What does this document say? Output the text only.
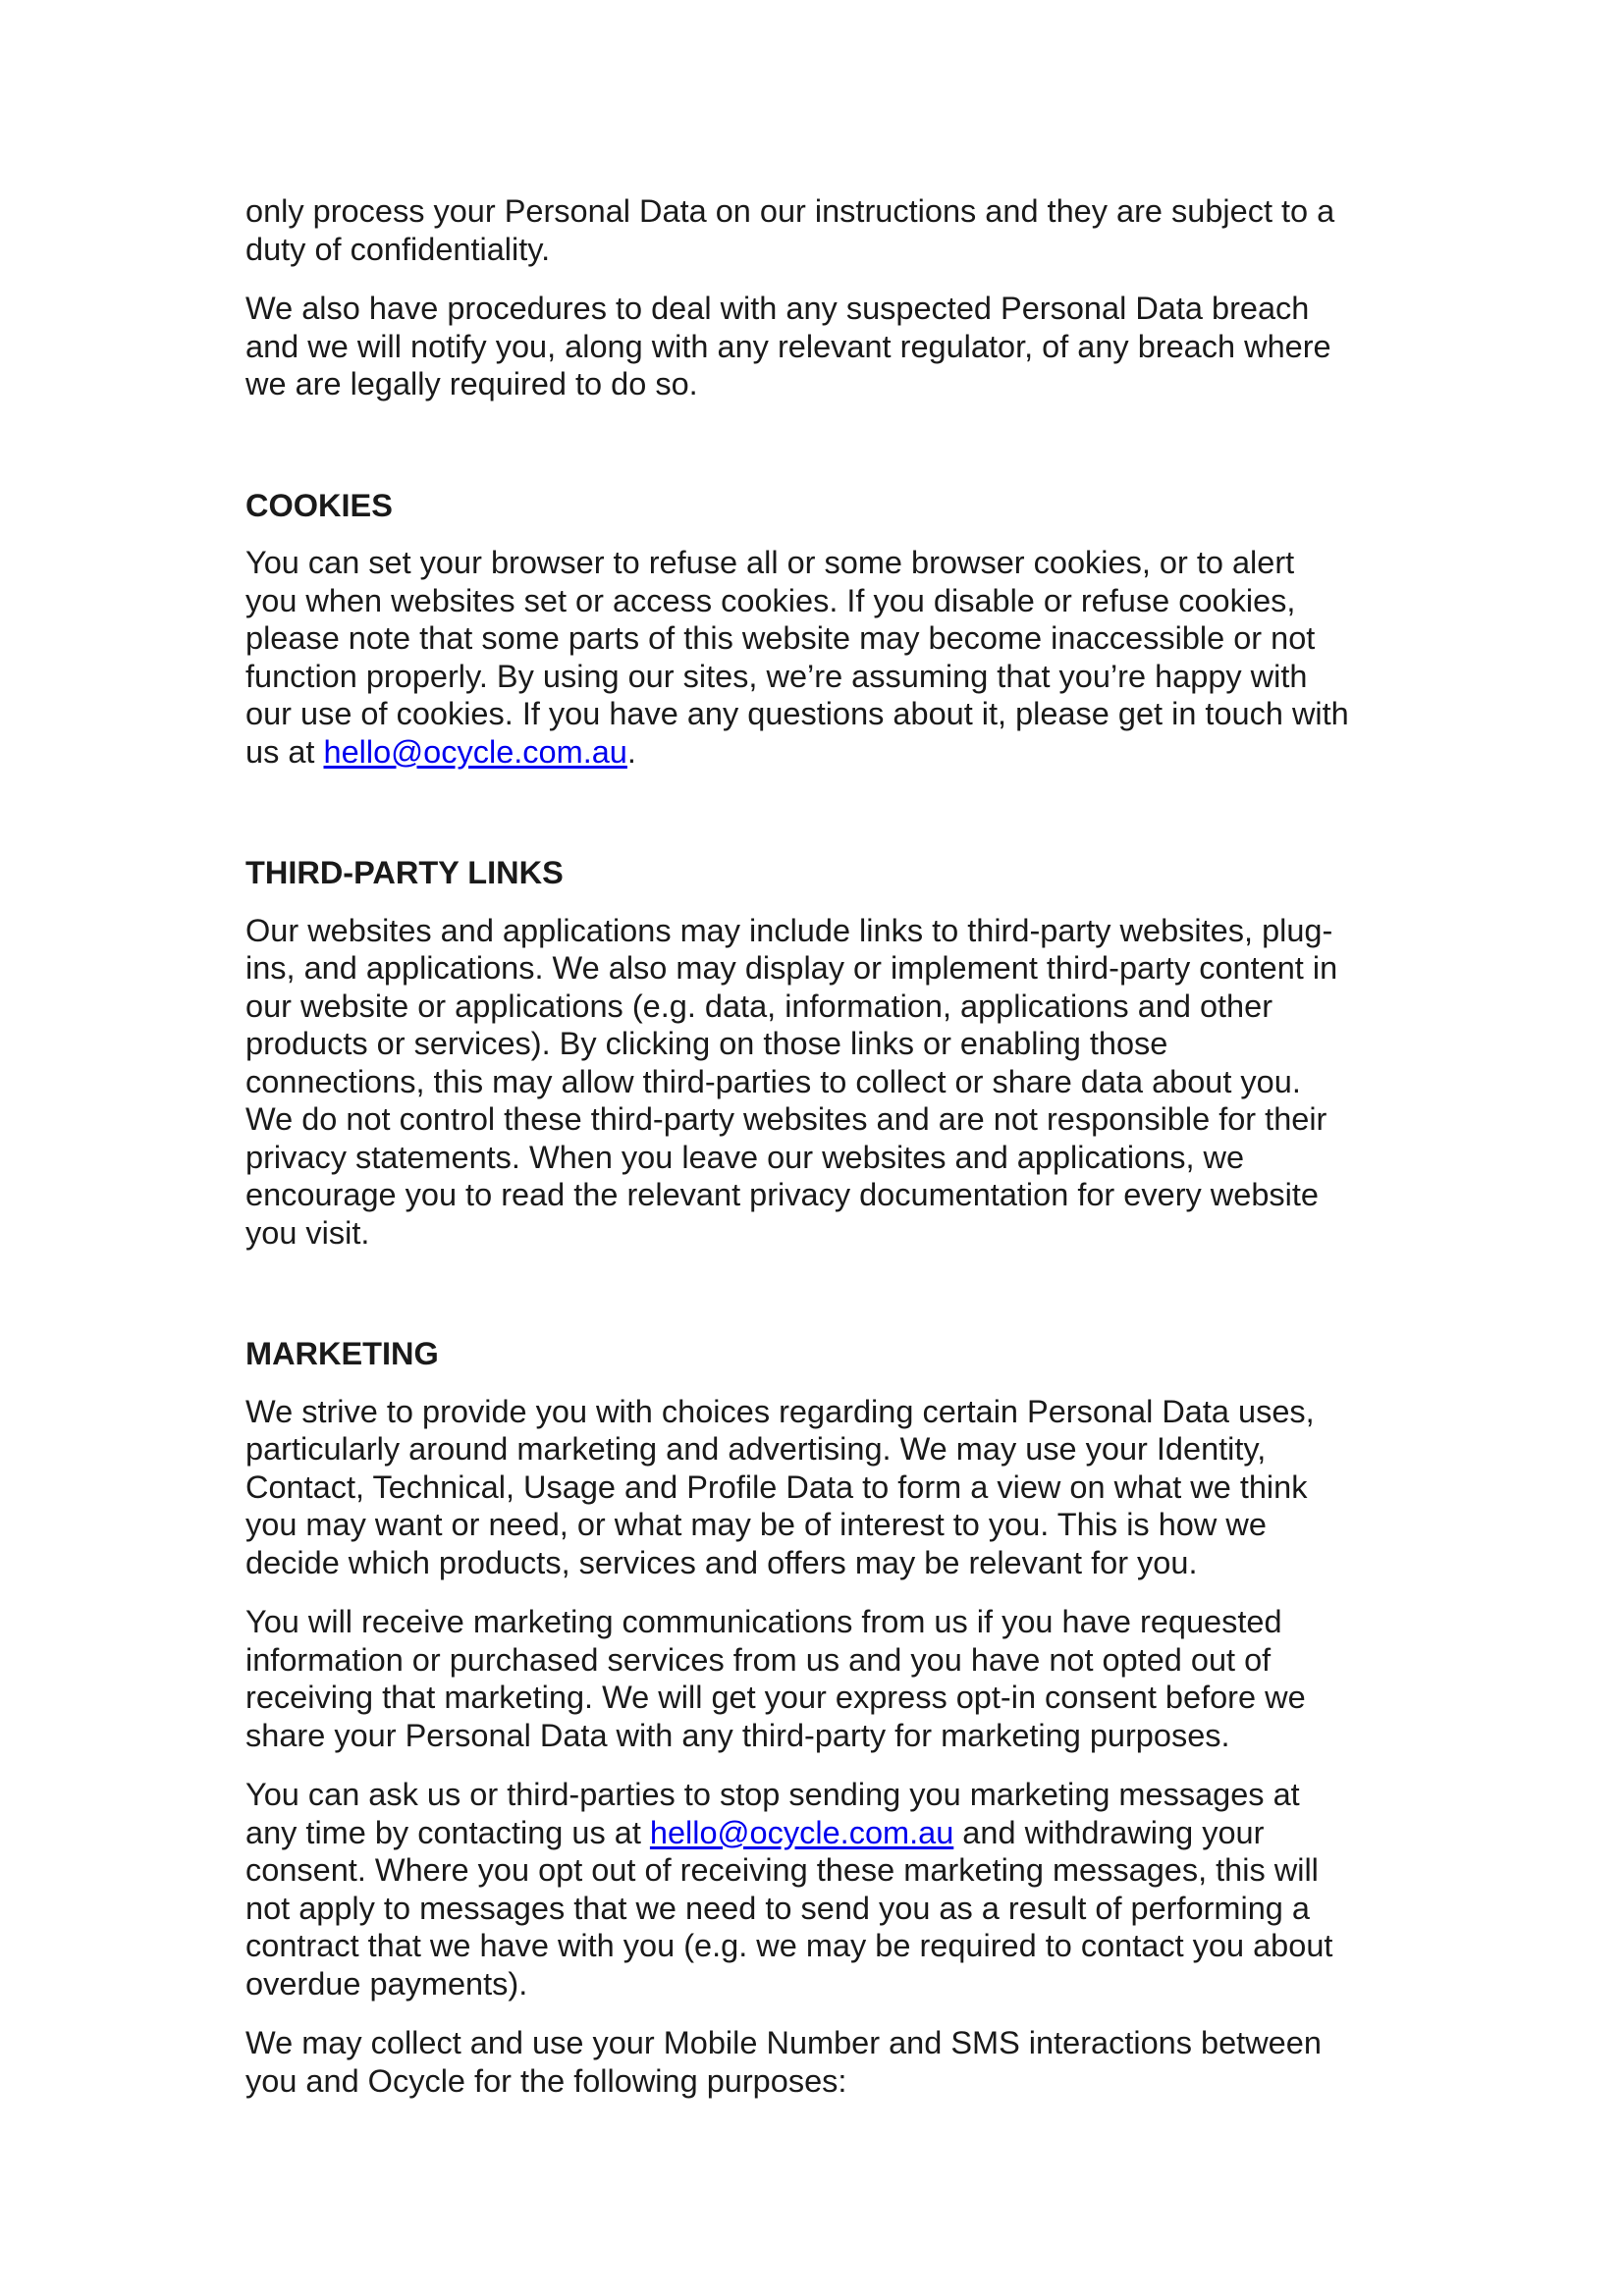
only process your Personal Data on our instructions and they are subject to a
duty of confidentiality.

We also have procedures to deal with any suspected Personal Data breach
and we will notify you, along with any relevant regulator, of any breach where
we are legally required to do so.

COOKIES

You can set your browser to refuse all or some browser cookies, or to alert
you when websites set or access cookies. If you disable or refuse cookies,
please note that some parts of this website may become inaccessible or not
function properly. By using our sites, we’re assuming that you’re happy with
our use of cookies. If you have any questions about it, please get in touch with
us at hello@ocycle.com.au.

THIRD-PARTY LINKS

Our websites and applications may include links to third-party websites, plug-
ins, and applications. We also may display or implement third-party content in
our website or applications (e.g. data, information, applications and other
products or services). By clicking on those links or enabling those
connections, this may allow third-parties to collect or share data about you.
We do not control these third-party websites and are not responsible for their
privacy statements. When you leave our websites and applications, we
encourage you to read the relevant privacy documentation for every website
you visit.

MARKETING

We strive to provide you with choices regarding certain Personal Data uses,
particularly around marketing and advertising. We may use your Identity,
Contact, Technical, Usage and Profile Data to form a view on what we think
you may want or need, or what may be of interest to you. This is how we
decide which products, services and offers may be relevant for you.

You will receive marketing communications from us if you have requested
information or purchased services from us and you have not opted out of
receiving that marketing. We will get your express opt-in consent before we
share your Personal Data with any third-party for marketing purposes.

You can ask us or third-parties to stop sending you marketing messages at
any time by contacting us at hello@ocycle.com.au and withdrawing your
consent. Where you opt out of receiving these marketing messages, this will
not apply to messages that we need to send you as a result of performing a
contract that we have with you (e.g. we may be required to contact you about
overdue payments).

We may collect and use your Mobile Number and SMS interactions between
you and Ocycle for the following purposes:
